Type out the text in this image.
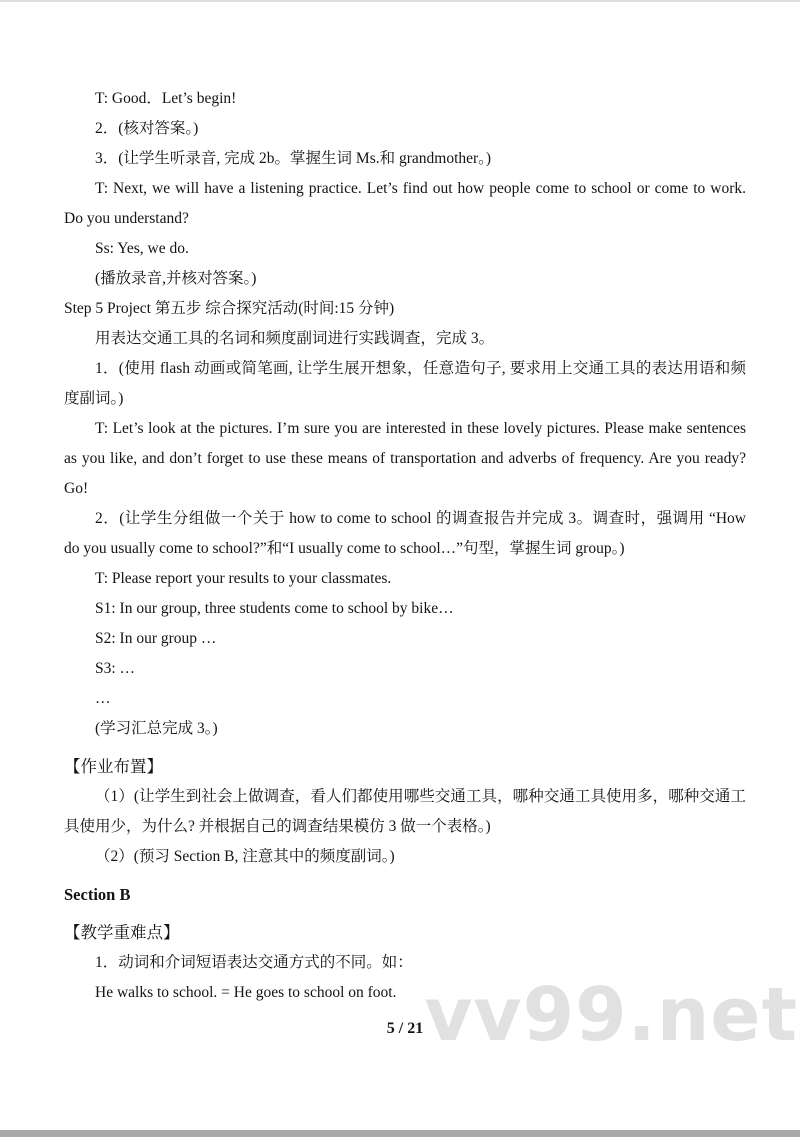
T: Good．Let’s begin!

2．(核对答案。)

3．(让学生听录音, 完成 2b。掌握生词 Ms.和 grandmother。)

T: Next, we will have a listening practice. Let’s find out how people come to school or come to work. Do you understand?

Ss: Yes, we do.

(播放录音,并核对答案。)

Step 5 Project 第五步 综合探究活动(时间:15 分钟)

用表达交通工具的名词和频度副词进行实践调查，完成 3。

1．(使用 flash 动画或简笔画, 让学生展开想象，任意造句子, 要求用上交通工具的表达用语和频度副词。)

T: Let’s look at the pictures. I’m sure you are interested in these lovely pictures. Please make sentences as you like, and don’t forget to use these means of transportation and adverbs of frequency. Are you ready? Go!

2．(让学生分组做一个关于 how to come to school 的调查报告并完成 3。调查时，强调用 “How do you usually come to school?”和“I usually come to school…”句型，掌握生词 group。)

T: Please report your results to your classmates.

S1: In our group, three students come to school by bike…

S2: In our group …

S3: …

…

(学习汇总完成 3。)

【作业布置】

（1）(让学生到社会上做调查，看人们都使用哪些交通工具，哪种交通工具使用多，哪种交通工具使用少，为什么? 并根据自己的调查结果模仿 3 做一个表格。)

（2）(预习 Section B, 注意其中的频度副词。)

Section B

【教学重难点】

1．动词和介词短语表达交通方式的不同。如：

He walks to school. = He goes to school on foot.

5 / 21 vv99.net
